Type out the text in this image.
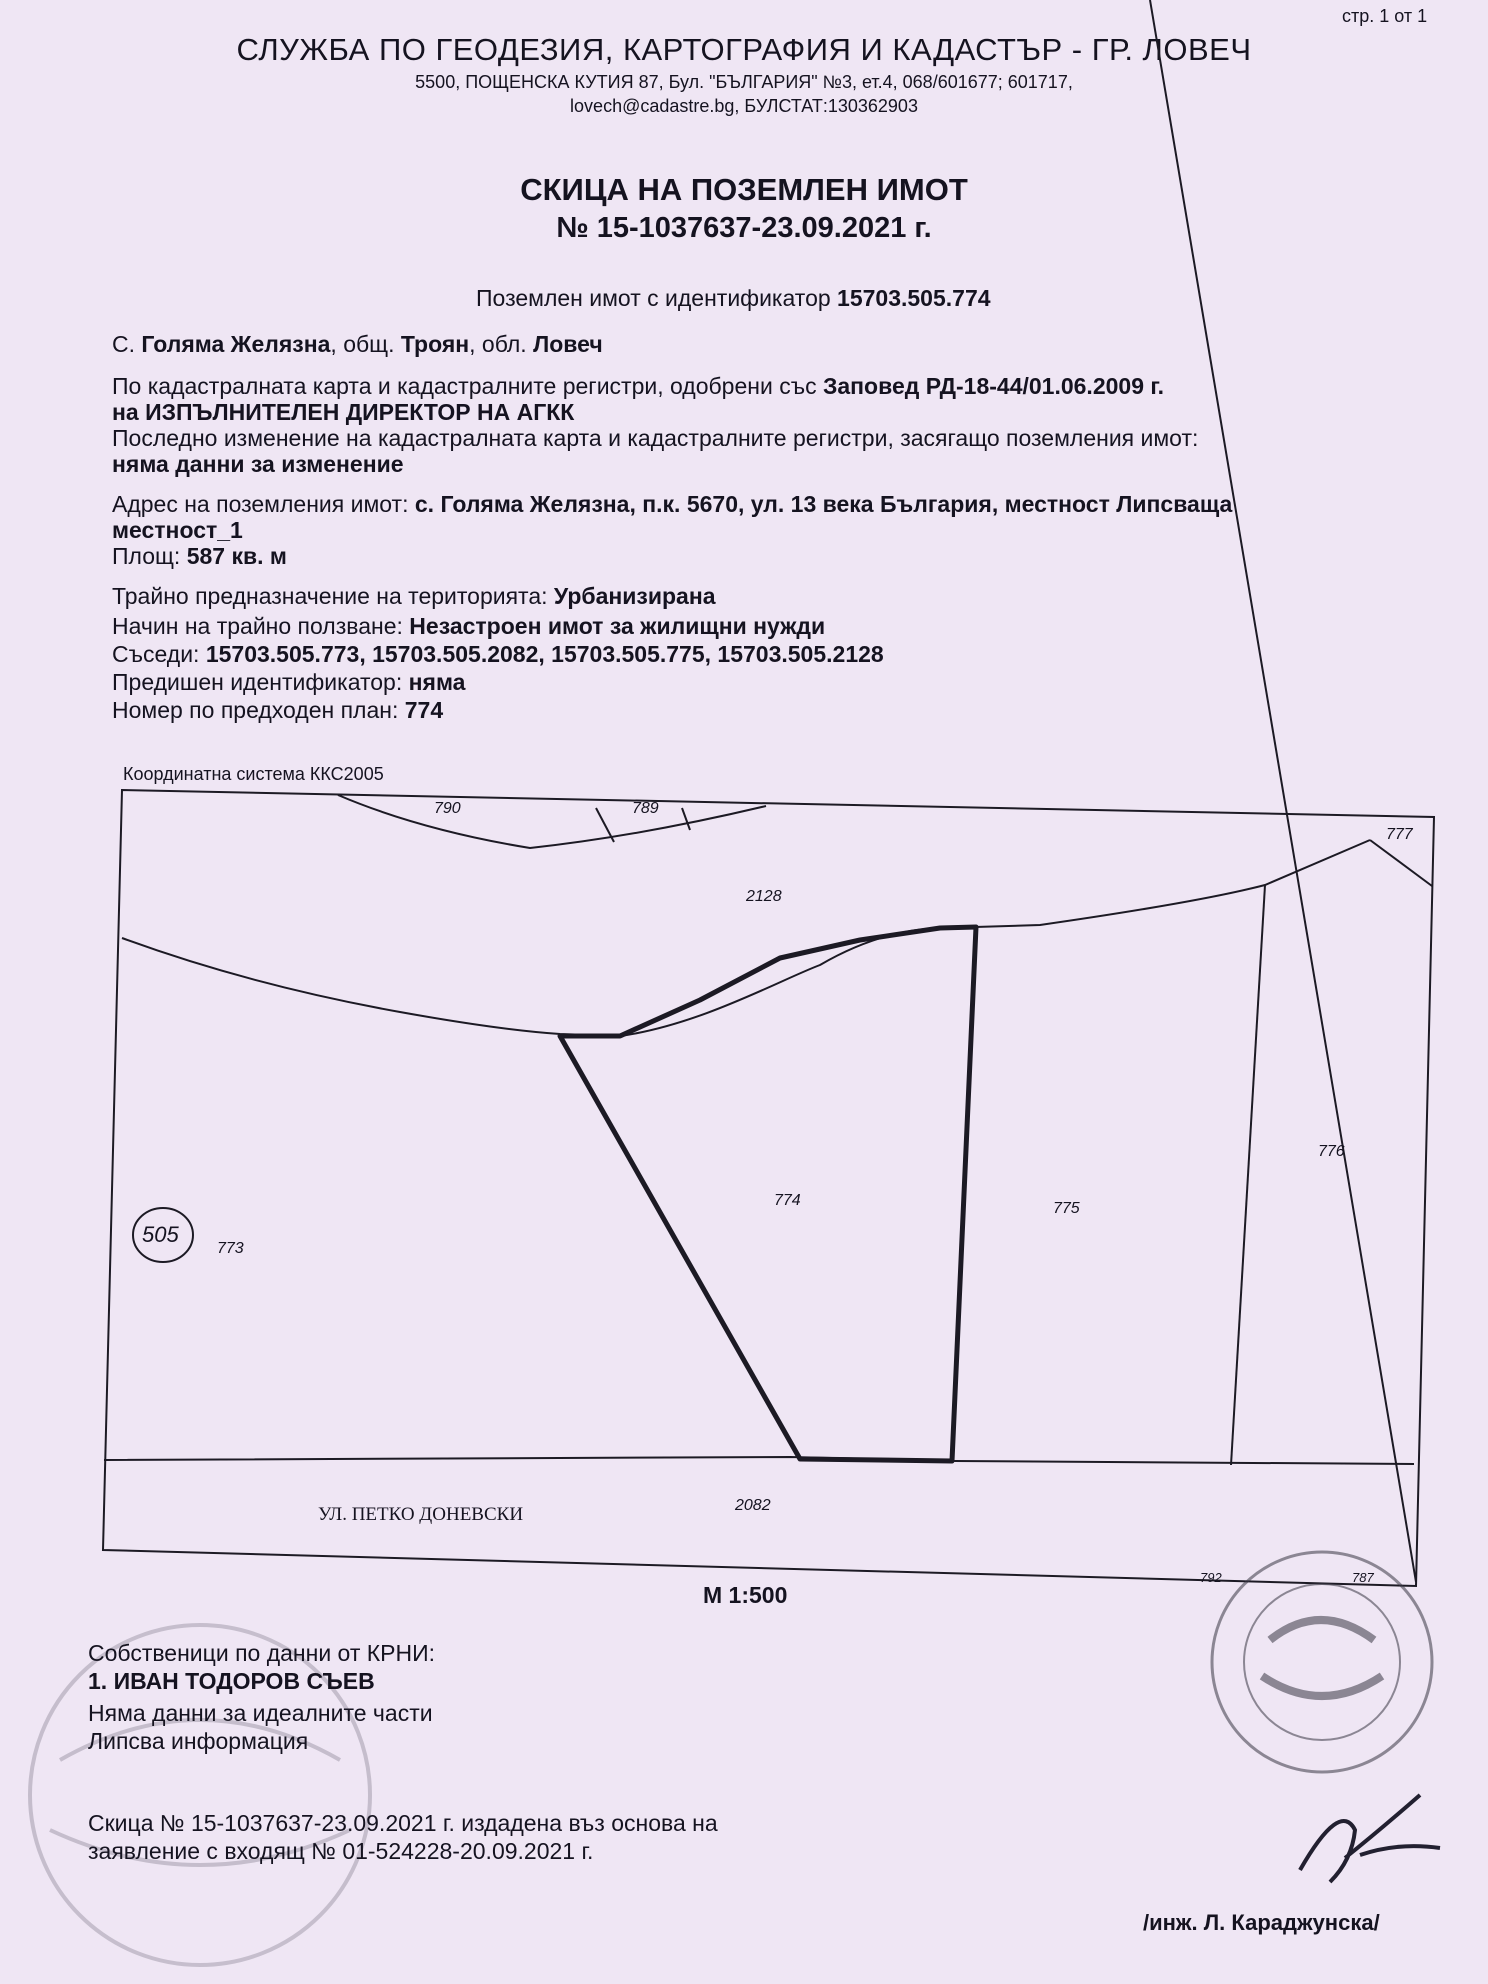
стр. 1 от 1
СЛУЖБА ПО ГЕОДЕЗИЯ, КАРТОГРАФИЯ И КАДАСТЪР - ГР. ЛОВЕЧ
5500, ПОЩЕНСКА КУТИЯ 87, Бул. "БЪЛГАРИЯ" №3, ет.4, 068/601677; 601717,
lovech@cadastre.bg, БУЛСТАТ:130362903
СКИЦА НА ПОЗЕМЛЕН ИМОТ
№ 15-1037637-23.09.2021 г.
Поземлен имот с идентификатор 15703.505.774
С. Голяма Желязна, общ. Троян, обл. Ловеч
По кадастралната карта и кадастралните регистри, одобрени със Заповед РД-18-44/01.06.2009 г.
на ИЗПЪЛНИТЕЛЕН ДИРЕКТОР НА АГКК
Последно изменение на кадастралната карта и кадастралните регистри, засягащо поземления имот:
няма данни за изменение
Адрес на поземления имот: с. Голяма Желязна, п.к. 5670, ул. 13 века България, местност Липсваща
местност_1
Площ: 587 кв. м
Трайно предназначение на територията: Урбанизирана
Начин на трайно ползване: Незастроен имот за жилищни нужди
Съседи: 15703.505.773, 15703.505.2082, 15703.505.775, 15703.505.2128
Предишен идентификатор: няма
Номер по предходен план: 774
Координатна система ККС2005
790	789
777
2128
774	775
776
773
505
2082
УЛ. ПЕТКО ДОНЕВСКИ
792	787
М 1:500
Собственици по данни от КРНИ:
1. ИВАН ТОДОРОВ СЪЕВ
Няма данни за идеалните части
Липсва информация
Скица № 15-1037637-23.09.2021 г. издадена въз основа на
заявление с входящ № 01-524228-20.09.2021 г.
/инж. Л. Караджунска/
